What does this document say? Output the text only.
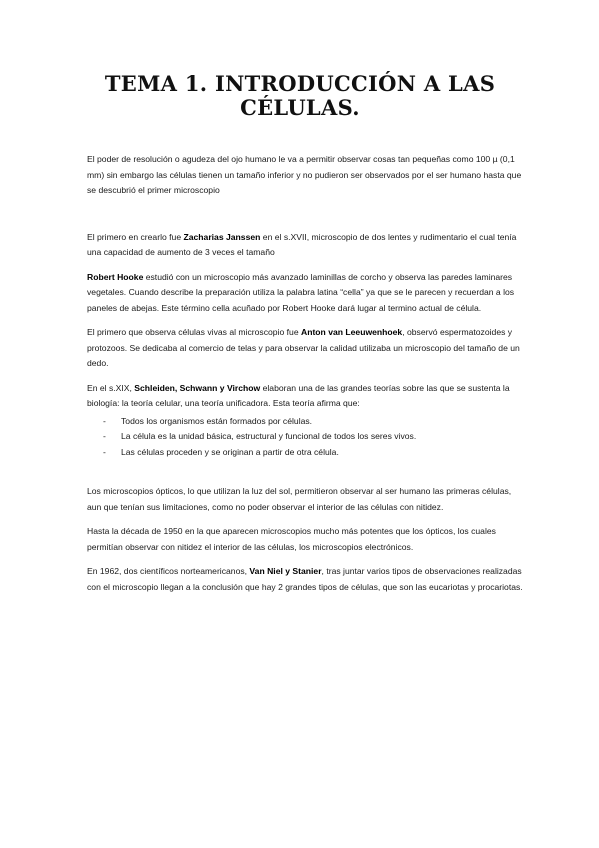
TEMA 1. INTRODUCCIÓN A LAS
CÉLULAS.

El poder de resolución o agudeza del ojo humano le va a permitir observar cosas tan pequeñas como 100 µ (0,1 mm) sin embargo las células tienen un tamaño inferior y no pudieron ser observados por el ser humano hasta que se descubrió el primer microscopio

El primero en crearlo fue Zacharias Janssen en el s.XVII, microscopio de dos lentes y rudimentario el cual tenía una capacidad de aumento de 3 veces el tamaño

Robert Hooke estudió con un microscopio más avanzado laminillas de corcho y observa las paredes laminares vegetales. Cuando describe la preparación utiliza la palabra latina “cella” ya que se le parecen y recuerdan a los paneles de abejas. Este término cella acuñado por Robert Hooke dará lugar al termino actual de célula.

El primero que observa células vivas al microscopio fue Anton van Leeuwenhoek, observó espermatozoides y protozoos. Se dedicaba al comercio de telas y para observar la calidad utilizaba un microscopio del tamaño de un dedo.

En el s.XIX, Schleiden, Schwann y Virchow elaboran una de las grandes teorías sobre las que se sustenta la biología: la teoría celular, una teoría unificadora. Esta teoría afirma que:

- Todos los organismos están formados por células.
- La célula es la unidad básica, estructural y funcional de todos los seres vivos.
- Las células proceden y se originan a partir de otra célula.

Los microscopios ópticos, lo que utilizan la luz del sol, permitieron observar al ser humano las primeras células, aun que tenían sus limitaciones, como no poder observar el interior de las células con nitidez.

Hasta la década de 1950 en la que aparecen microscopios mucho más potentes que los ópticos, los cuales permitían observar con nitidez el interior de las células, los microscopios electrónicos.

En 1962, dos científicos norteamericanos, Van Niel y Stanier, tras juntar varios tipos de observaciones realizadas con el microscopio llegan a la conclusión que hay 2 grandes tipos de células, que son las eucariotas y procariotas.
